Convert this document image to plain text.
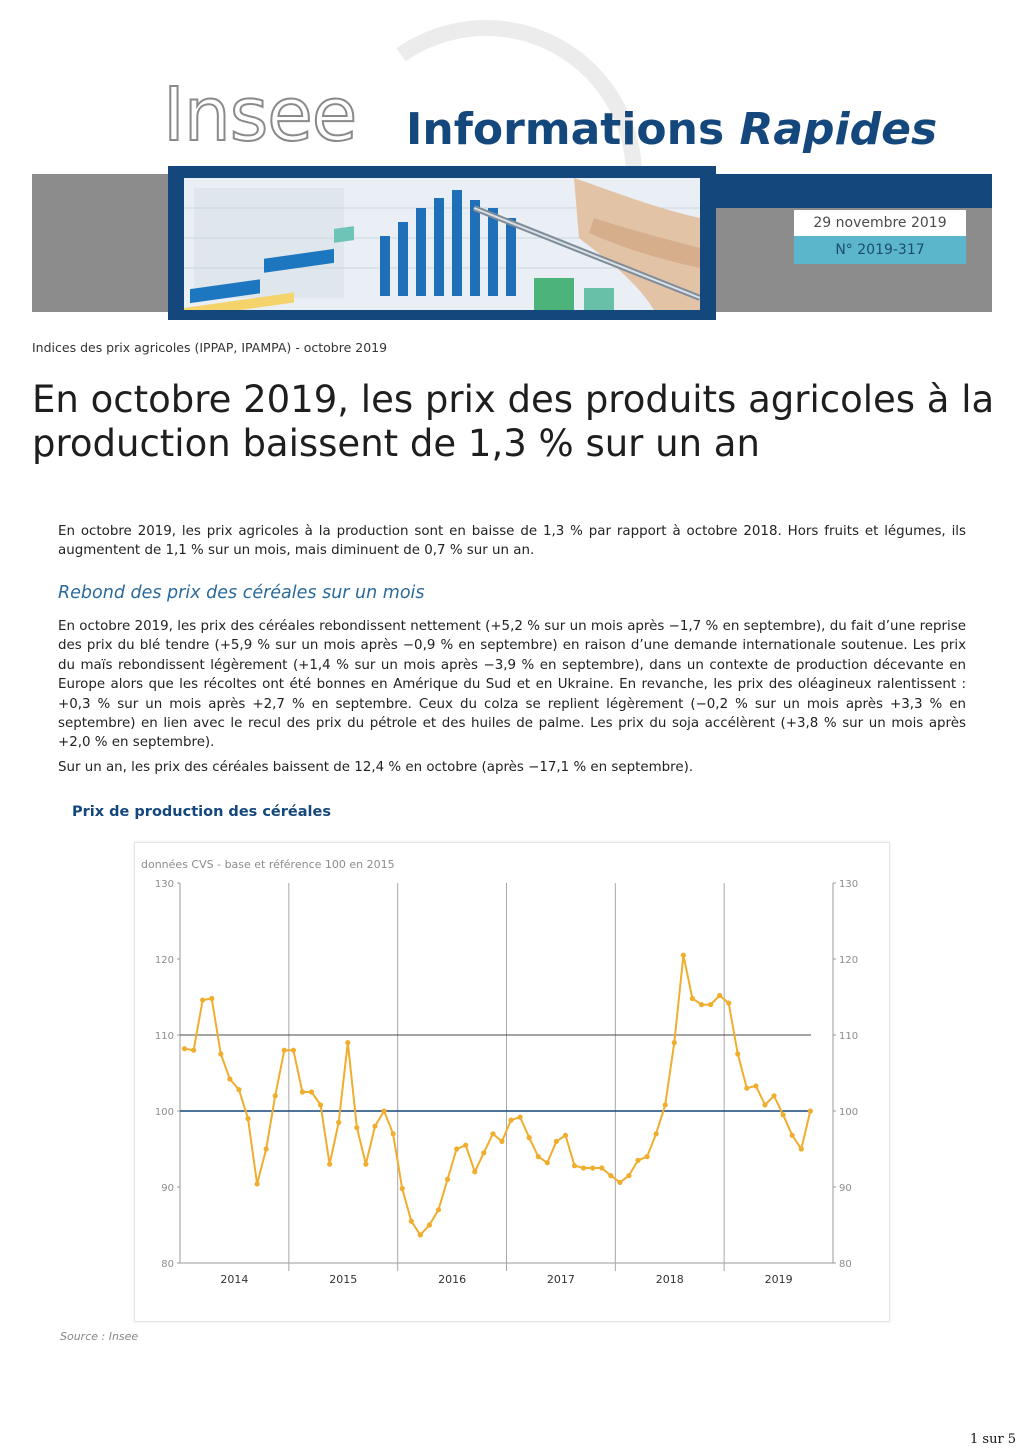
29 novembre 2019
N° 2019-317
Insee Informations Rapides
Indices des prix agricoles (IPPAP, IPAMPA) - octobre 2019
En octobre 2019, les prix des produits agricoles à la production baissent de 1,3 % sur un an
En octobre 2019, les prix agricoles à la production sont en baisse de 1,3 % par rapport à octobre 2018. Hors fruits et légumes, ils augmentent de 1,1 % sur un mois, mais diminuent de 0,7 % sur un an.
Rebond des prix des céréales sur un mois
En octobre 2019, les prix des céréales rebondissent nettement (+5,2 % sur un mois après −1,7 % en septembre), du fait d’une reprise des prix du blé tendre (+5,9 % sur un mois après −0,9 % en septembre) en raison d’une demande internationale soutenue. Les prix du maïs rebondissent légèrement (+1,4 % sur un mois après −3,9 % en septembre), dans un contexte de production décevante en Europe alors que les récoltes ont été bonnes en Amérique du Sud et en Ukraine. En revanche, les prix des oléagineux ralentissent : +0,3 % sur un mois après +2,7 % en septembre. Ceux du colza se replient légèrement (−0,2 % sur un mois après +3,3 % en septembre) en lien avec le recul des prix du pétrole et des huiles de palme. Les prix du soja accélèrent (+3,8 % sur un mois après +2,0 % en septembre).
Sur un an, les prix des céréales baissent de 12,4 % en octobre (après −17,1 % en septembre).
Prix de production des céréales
données CVS - base et référence 100 en 2015
80
90
100
110
120
130
80
90
100
110
120
130
2014	2015	2016	2017	2018	2019
Source : Insee
1 sur 5
